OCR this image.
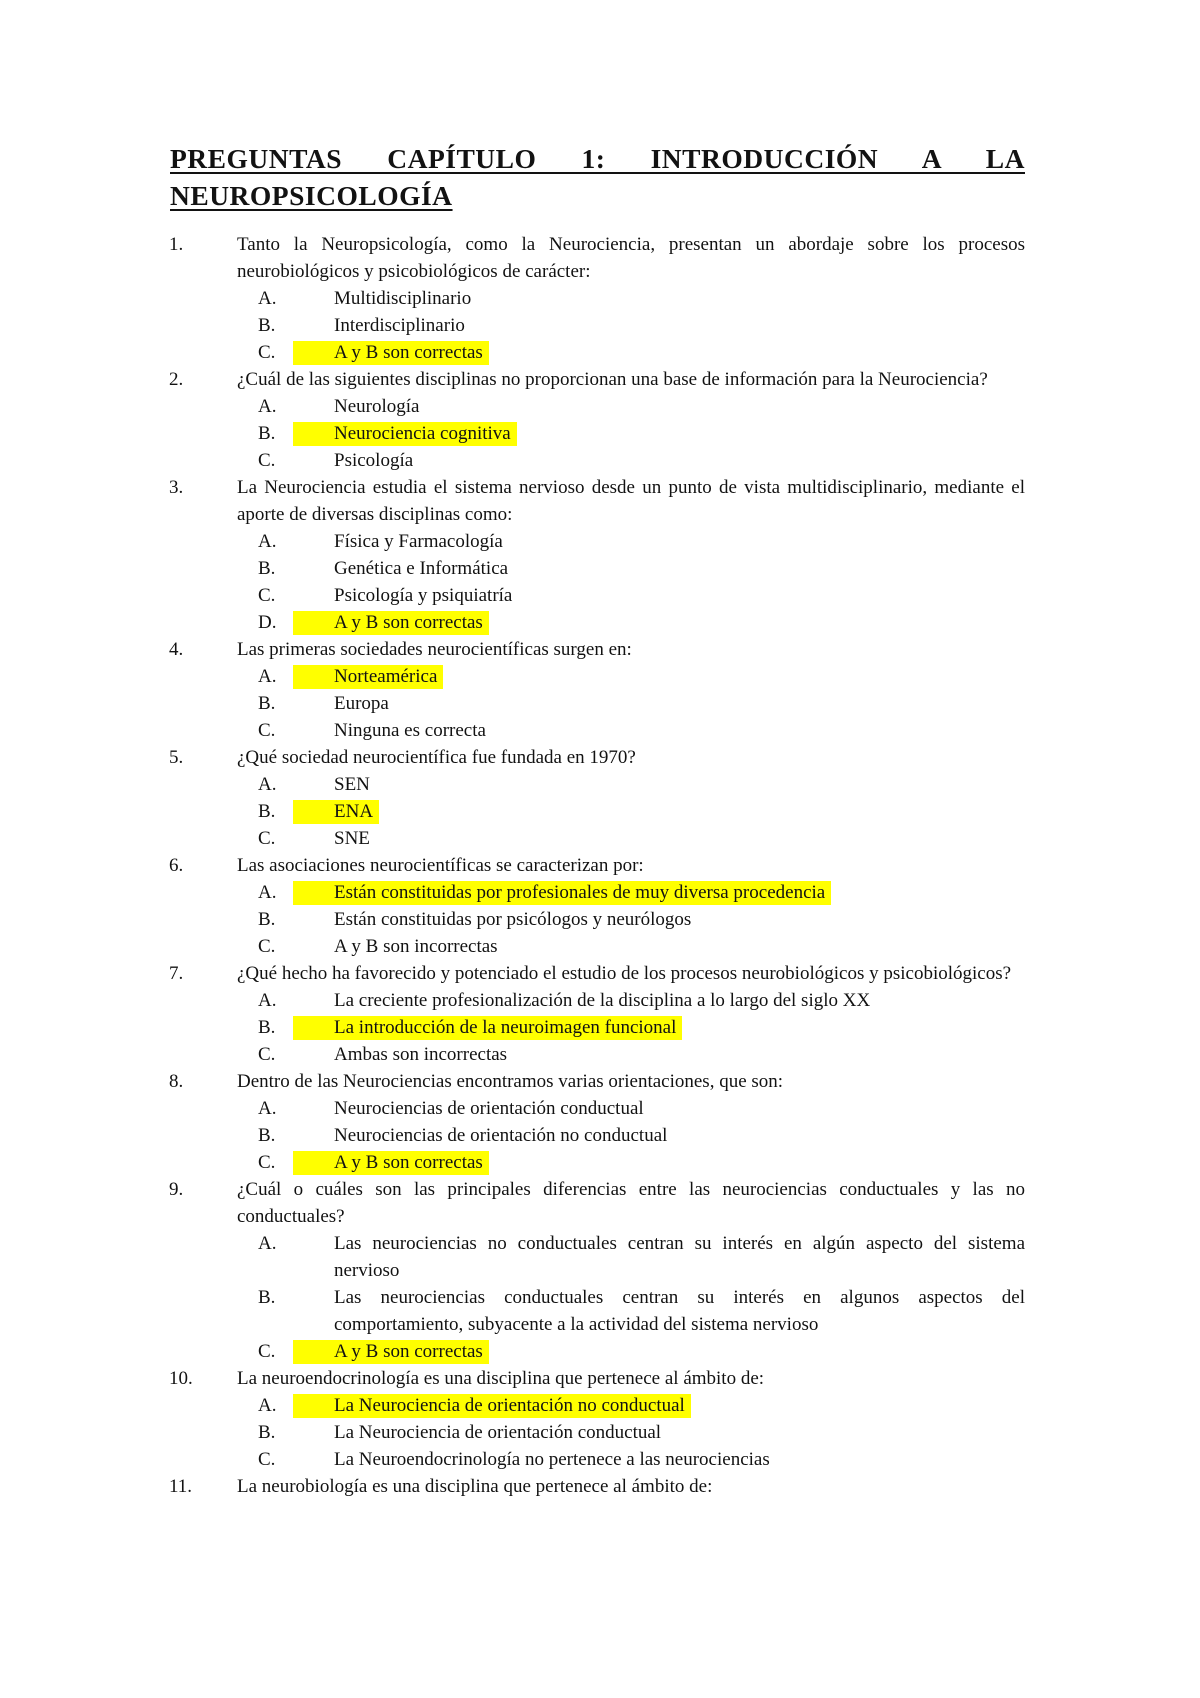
PREGUNTAS CAPÍTULO 1: INTRODUCCIÓN A LA
NEUROPSICOLOGÍA
1.	Tanto la Neuropsicología, como la Neurociencia, presentan un abordaje sobre los procesos neurobiológicos y psicobiológicos de carácter:
A.	Multidisciplinario
B.	Interdisciplinario
C.	A y B son correctas
2.	¿Cuál de las siguientes disciplinas no proporcionan una base de información para la Neurociencia?
A.	Neurología
B.	Neurociencia cognitiva
C.	Psicología
3.	La Neurociencia estudia el sistema nervioso desde un punto de vista multidisciplinario, mediante el aporte de diversas disciplinas como:
A.	Física y Farmacología
B.	Genética e Informática
C.	Psicología y psiquiatría
D.	A y B son correctas
4.	Las primeras sociedades neurocientíficas surgen en:
A.	Norteamérica
B.	Europa
C.	Ninguna es correcta
5.	¿Qué sociedad neurocientífica fue fundada en 1970?
A.	SEN
B.	ENA
C.	SNE
6.	Las asociaciones neurocientíficas se caracterizan por:
A.	Están constituidas por profesionales de muy diversa procedencia
B.	Están constituidas por psicólogos y neurólogos
C.	A y B son incorrectas
7.	¿Qué hecho ha favorecido y potenciado el estudio de los procesos neurobiológicos y psicobiológicos?
A.	La creciente profesionalización de la disciplina a lo largo del siglo XX
B.	La introducción de la neuroimagen funcional
C.	Ambas son incorrectas
8.	Dentro de las Neurociencias encontramos varias orientaciones, que son:
A.	Neurociencias de orientación conductual
B.	Neurociencias de orientación no conductual
C.	A y B son correctas
9.	¿Cuál o cuáles son las principales diferencias entre las neurociencias conductuales y las no conductuales?
A.	Las neurociencias no conductuales centran su interés en algún aspecto del sistema nervioso
B.	Las neurociencias conductuales centran su interés en algunos aspectos del comportamiento, subyacente a la actividad del sistema nervioso
C.	A y B son correctas
10. La neuroendocrinología es una disciplina que pertenece al ámbito de:
A.	La Neurociencia de orientación no conductual
B.	La Neurociencia de orientación conductual
C.	La Neuroendocrinología no pertenece a las neurociencias
11. La neurobiología es una disciplina que pertenece al ámbito de:
